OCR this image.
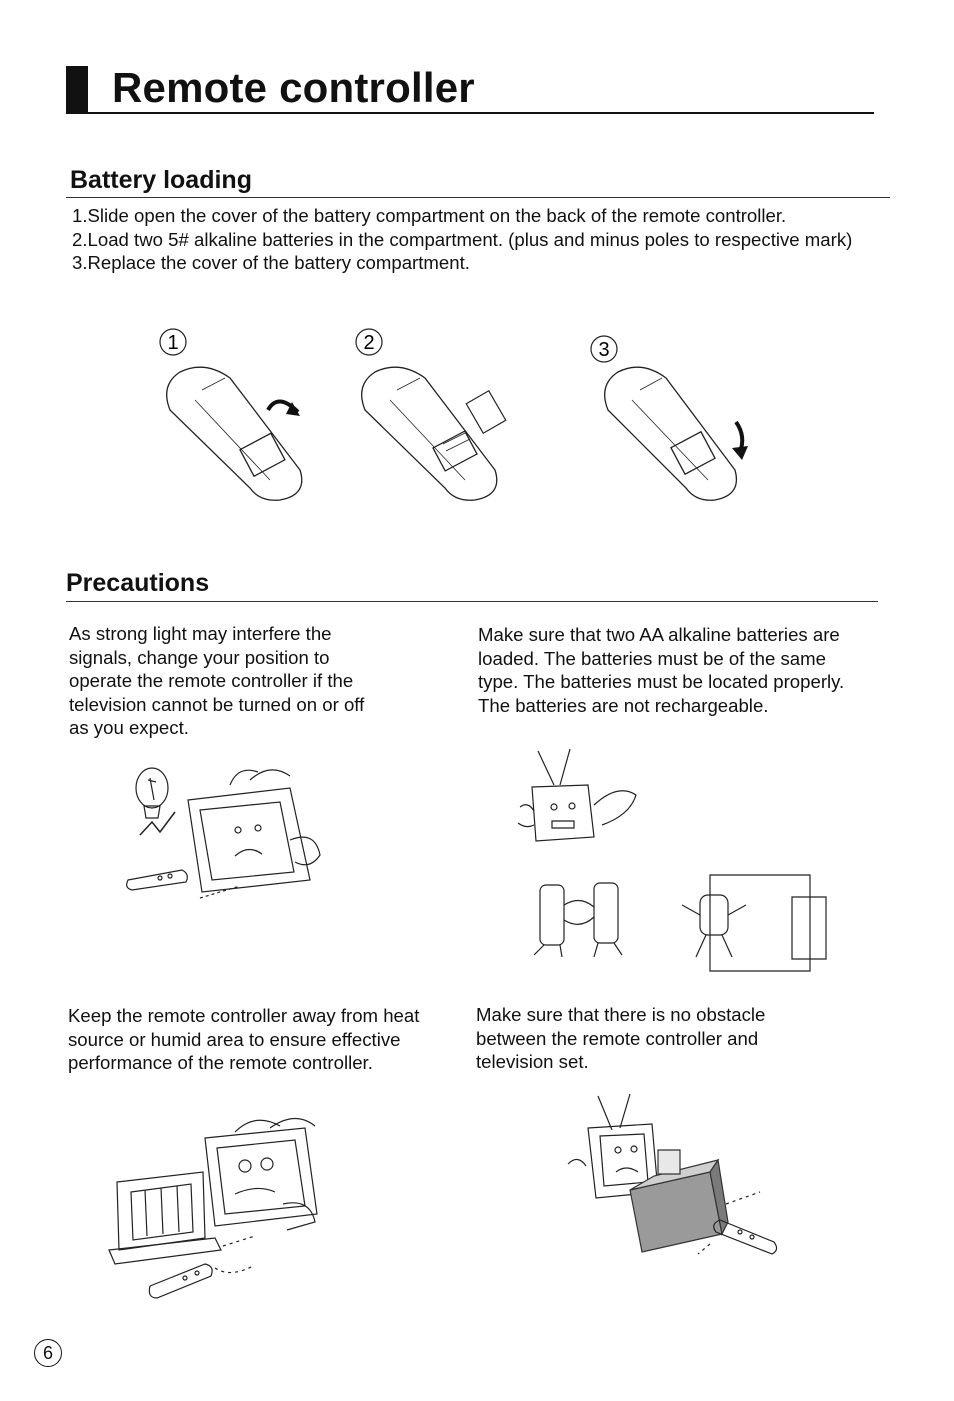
Remote controller
Battery loading
1.Slide open the cover of the battery compartment on the back of the remote controller.
2.Load two 5# alkaline batteries in the compartment. (plus and minus poles to respective mark)
3.Replace the cover of the battery compartment.
1	2	3
Precautions

As strong light may interfere the signals, change your position to operate the remote controller if the television cannot be turned on or off as you expect.

Make sure that two AA alkaline batteries are loaded. The batteries must be of the same type. The batteries must be located properly. The batteries are not rechargeable.

Keep the remote controller away from heat source or humid area to ensure effective performance of the remote controller.

Make sure that there is no obstacle between the remote controller and television set.

6
